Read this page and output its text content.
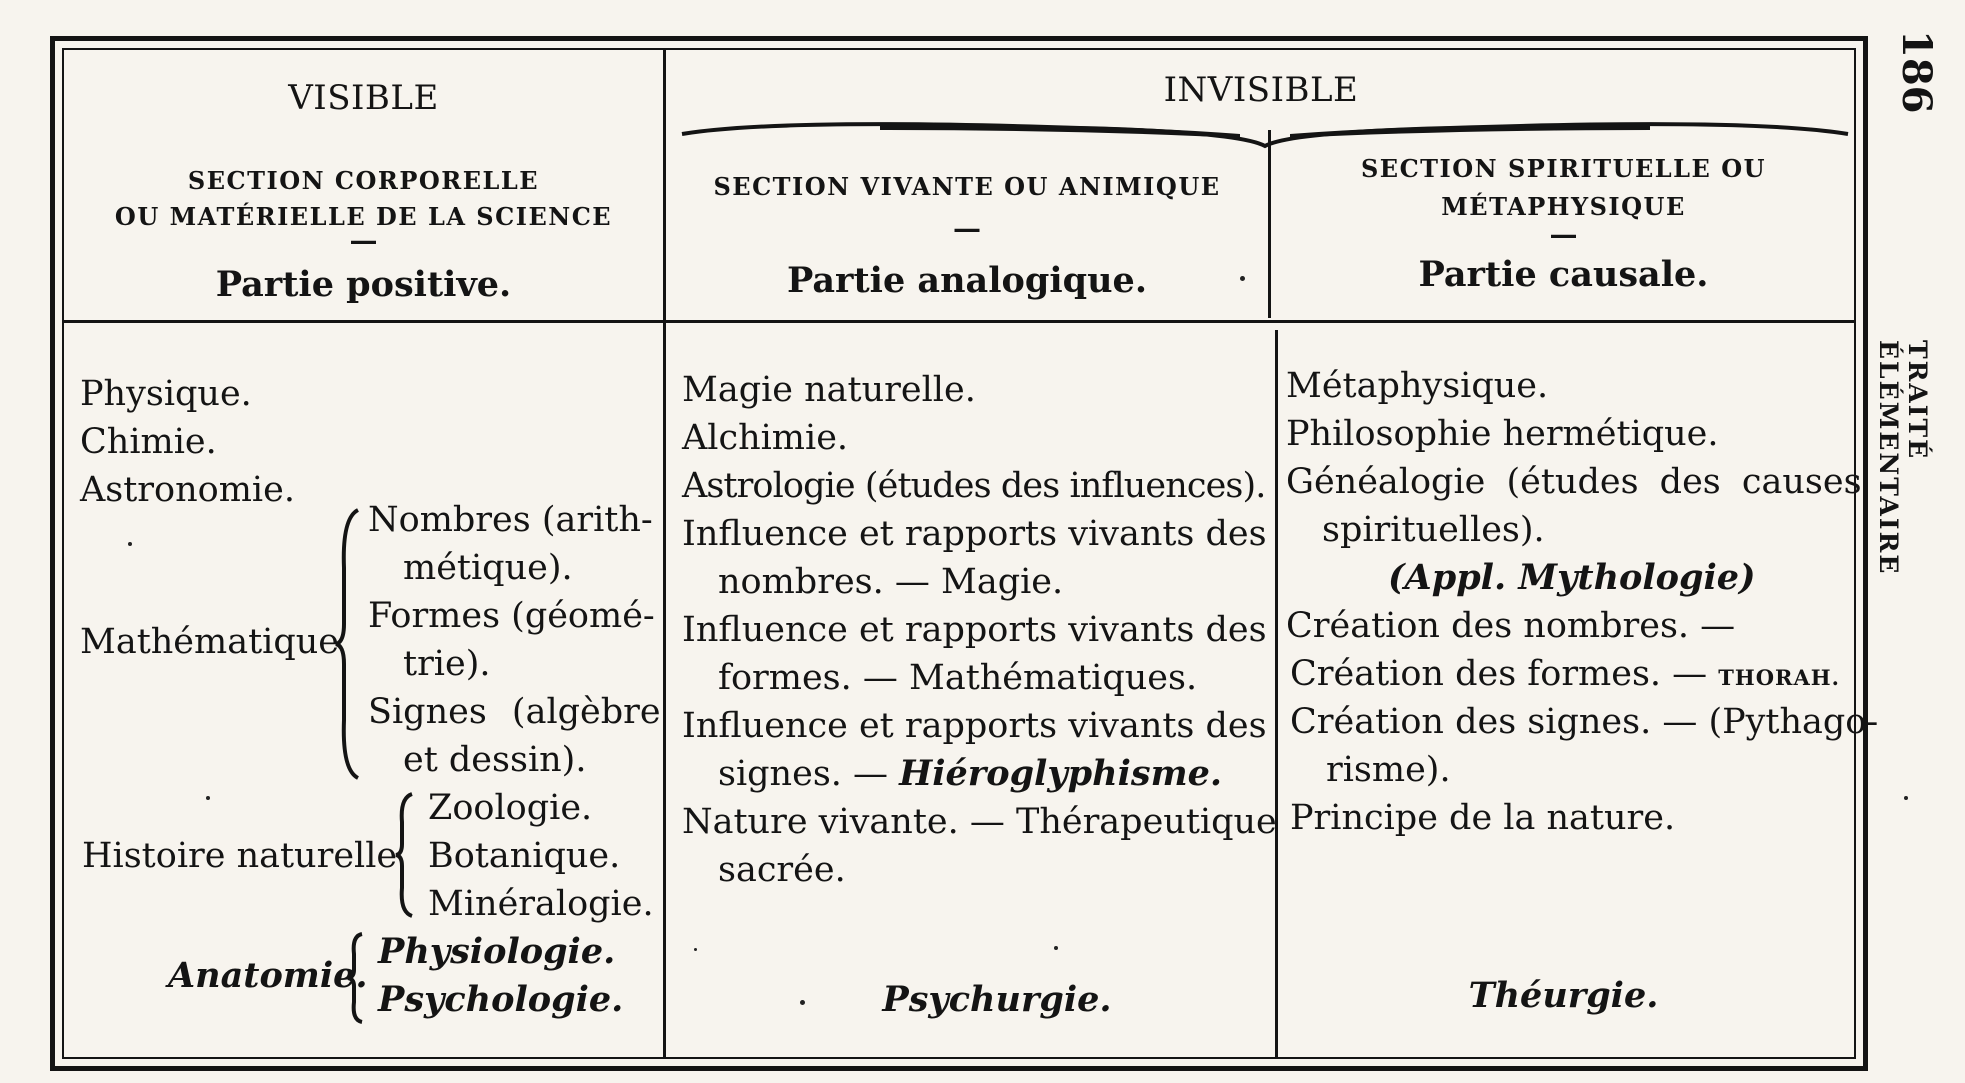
VISIBLE	INVISIBLE
SECTION CORPORELLE
OU MATÉRIELLE DE LA SCIENCE
—
Partie positive.
SECTION VIVANTE OU ANIMIQUE
—
Partie analogique.
SECTION SPIRITUELLE OU
MÉTAPHYSIQUE
—
Partie causale.
Physique.
Chimie.
Astronomie.
Mathématique
Nombres (arith-
métique).
Formes (géomé-
trie).
Signes (algèbre
et dessin).
Histoire naturelle
Zoologie.
Botanique.
Minéralogie.
Anatomie.
Physiologie.
Psychologie.
Magie naturelle.
Alchimie.
Astrologie (études des influences).
Influence et rapports vivants des
nombres. — Magie.
Influence et rapports vivants des
formes. — Mathématiques.
Influence et rapports vivants des
signes. — Hiéroglyphisme.
Nature vivante. — Thérapeutique
sacrée.
Psychurgie.
Métaphysique.
Philosophie hermétique.
Généalogie (études des causes
spirituelles).
(Appl. Mythologie)
Création des nombres. —
Création des formes. — THORAH.
Création des signes. — (Pythago-
risme).
Principe de la nature.
Théurgie.
186
TRAITÉ ÉLÉMENTAIRE
